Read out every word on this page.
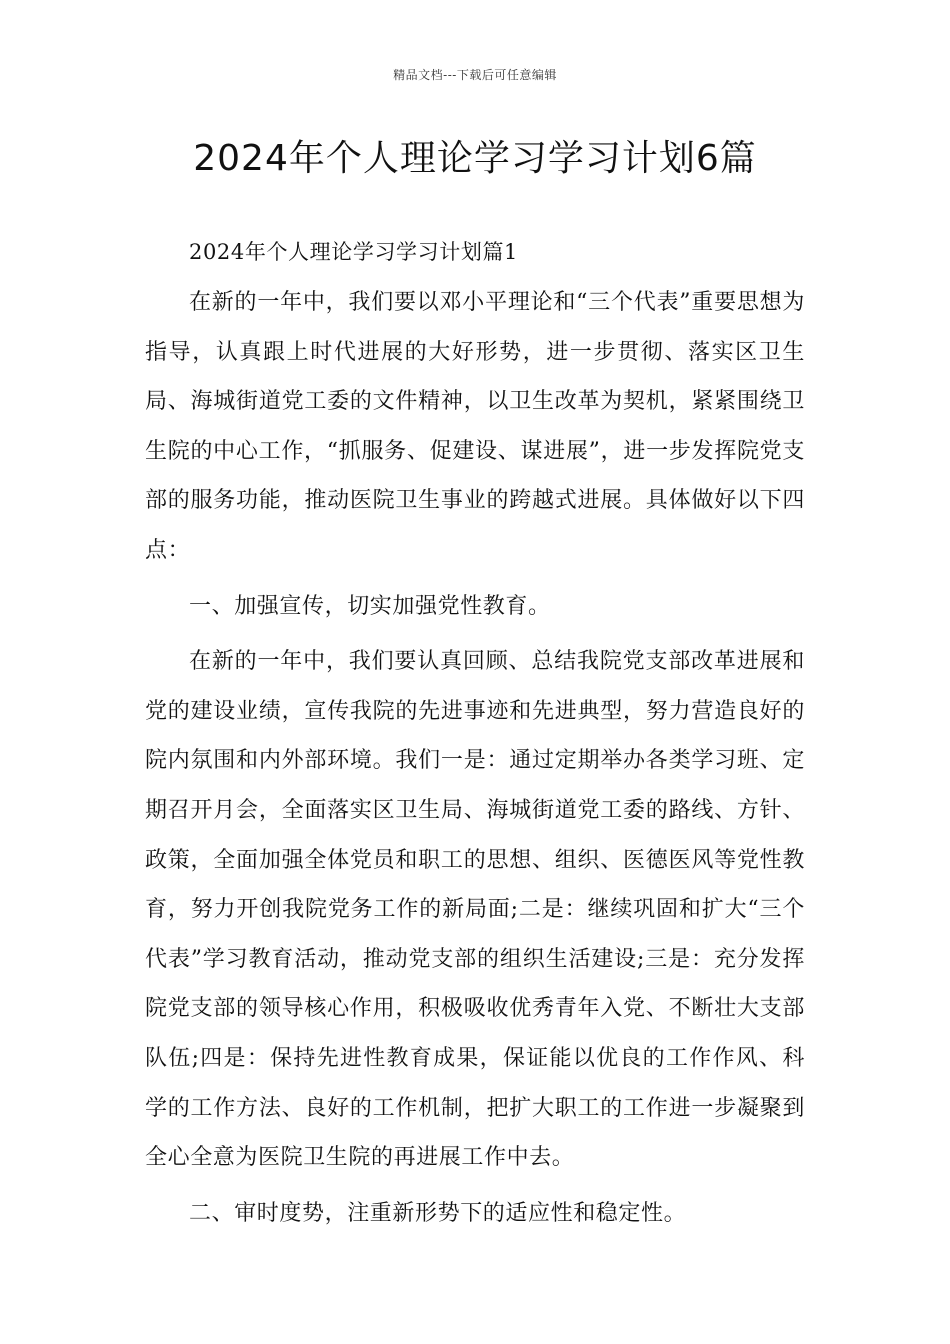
精品文档---下载后可任意编辑
2024年个人理论学习学习计划6篇

2024年个人理论学习学习计划篇1

在新的一年中，我们要以邓小平理论和“三个代表”重要思想为指导，认真跟上时代进展的大好形势，进一步贯彻、落实区卫生局、海城街道党工委的文件精神，以卫生改革为契机，紧紧围绕卫生院的中心工作，“抓服务、促建设、谋进展”，进一步发挥院党支部的服务功能，推动医院卫生事业的跨越式进展。具体做好以下四点：

一、加强宣传，切实加强党性教育。

在新的一年中，我们要认真回顾、总结我院党支部改革进展和党的建设业绩，宣传我院的先进事迹和先进典型，努力营造良好的院内氛围和内外部环境。我们一是：通过定期举办各类学习班、定期召开月会，全面落实区卫生局、海城街道党工委的路线、方针、政策，全面加强全体党员和职工的思想、组织、医德医风等党性教育，努力开创我院党务工作的新局面;二是：继续巩固和扩大“三个代表”学习教育活动，推动党支部的组织生活建设;三是：充分发挥院党支部的领导核心作用，积极吸收优秀青年入党、不断壮大支部队伍;四是：保持先进性教育成果，保证能以优良的工作作风、科学的工作方法、良好的工作机制，把扩大职工的工作进一步凝聚到全心全意为医院卫生院的再进展工作中去。

二、审时度势，注重新形势下的适应性和稳定性。
